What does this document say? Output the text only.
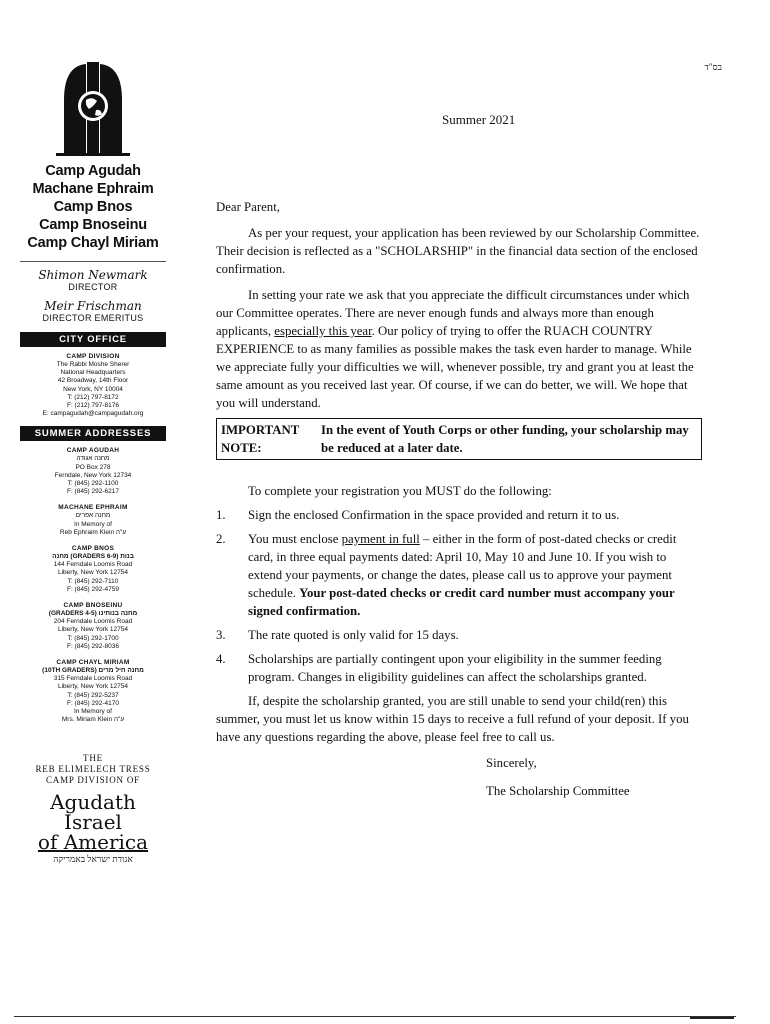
Camp Agudah
Machane Ephraim
Camp Bnos
Camp Bnoseinu
Camp Chayl Miriam
Shimon Newmark
DIRECTOR
Meir Frischman
DIRECTOR EMERITUS
CITY OFFICE
CAMP DIVISION
The Rabbi Moshe Sherer
National Headquarters
42 Broadway, 14th Floor
New York, NY 10004
T: (212) 797-8172
F: (212) 797-8176
E: campagudah@campagudah.org
SUMMER ADDRESSES
CAMP AGUDAH
מחנה אגודה
PO Box 278
Ferndale, New York 12734
T: (845) 292-1100
F: (845) 292-6217
MACHANE EPHRAIM
מחנה אפרים
In Memory of
Reb Ephraim Klein ע"ה
CAMP BNOS
בנות (6-9 GRADERS) מחנה
144 Ferndale Loomis Road
Liberty, New York 12754
T: (845) 292-7110
F: (845) 292-4759
CAMP BNOSEINU
מחנה בנותינו (4-5 GRADERS)
204 Ferndale Loomis Road
Liberty, New York 12754
T: (845) 292-1700
F: (845) 292-8036
CAMP CHAYL MIRIAM
מחנה חיל מרים (10TH GRADERS)
315 Ferndale Loomis Road
Liberty, New York 12754
T: (845) 292-5237
F: (845) 292-4170
In Memory of
Mrs. Miriam Klein ע"ה
THE
REB ELIMELECH TRESS
CAMP DIVISION OF
Agudath
Israel
of America
אגודת ישראל באמריקה
בס"ד
Summer 2021

Dear Parent,

As per your request, your application has been reviewed by our Scholarship Committee. Their decision is reflected as a "SCHOLARSHIP" in the financial data section of the enclosed confirmation.

In setting your rate we ask that you appreciate the difficult circumstances under which our Committee operates. There are never enough funds and always more than enough applicants, especially this year. Our policy of trying to offer the RUACH COUNTRY EXPERIENCE to as many families as possible makes the task even harder to manage. While we appreciate fully your difficulties we will, whenever possible, try and grant you at least the same amount as you received last year. Of course, if we can do better, we will. We hope that you will understand.

IMPORTANT NOTE:
In the event of Youth Corps or other funding, your scholarship may be reduced at a later date.

To complete your registration you MUST do the following:

1.	Sign the enclosed Confirmation in the space provided and return it to us.
2.	You must enclose payment in full – either in the form of post-dated checks or credit card, in three equal payments dated: April 10, May 10 and June 10. If you wish to extend your payments, or change the dates, please call us to approve your payment schedule. Your post-dated checks or credit card number must accompany your signed confirmation.
3.	The rate quoted is only valid for 15 days.
4.	Scholarships are partially contingent upon your eligibility in the summer feeding program. Changes in eligibility guidelines can affect the scholarships granted.

If, despite the scholarship granted, you are still unable to send your child(ren) this summer, you must let us know within 15 days to receive a full refund of your deposit. If you have any questions regarding the above, please feel free to call us.

Sincerely,

The Scholarship Committee
